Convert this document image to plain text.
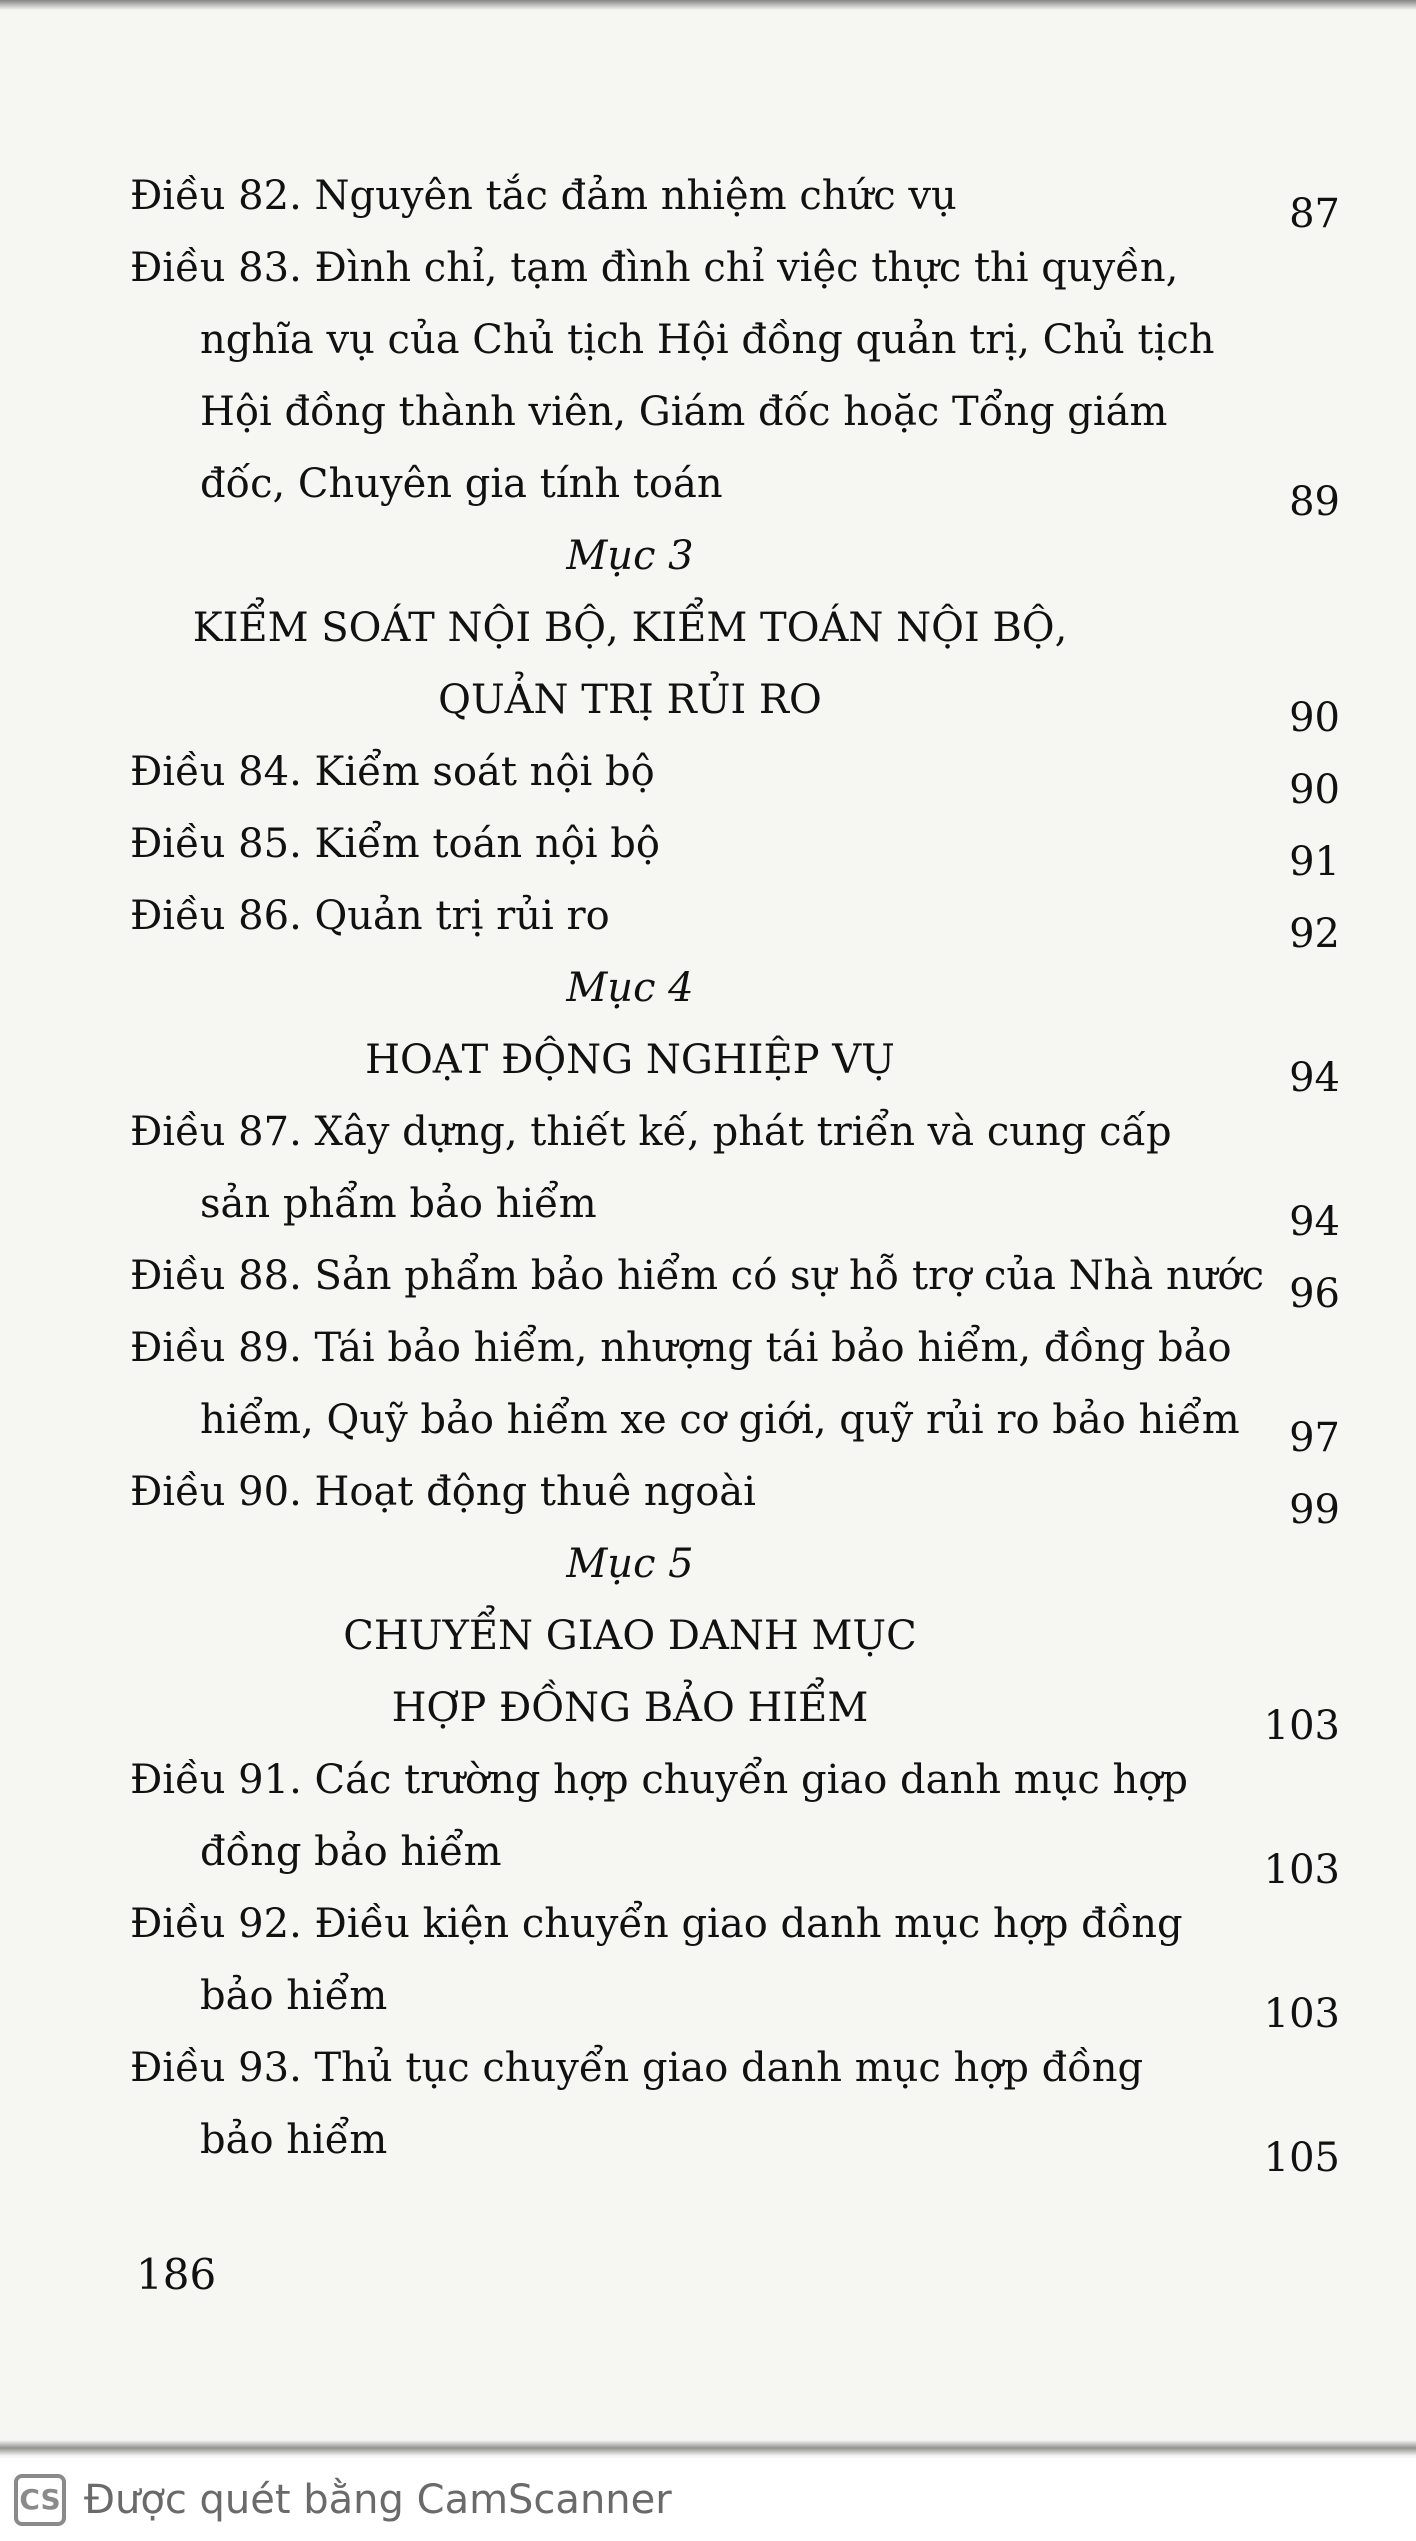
Điều 82. Nguyên tắc đảm nhiệm chức vụ	87
Điều 83. Đình chỉ, tạm đình chỉ việc thực thi quyền,
nghĩa vụ của Chủ tịch Hội đồng quản trị, Chủ tịch
Hội đồng thành viên, Giám đốc hoặc Tổng giám
đốc, Chuyên gia tính toán	89
Mục 3
KIỂM SOÁT NỘI BỘ, KIỂM TOÁN NỘI BỘ,
QUẢN TRỊ RỦI RO	90
Điều 84. Kiểm soát nội bộ	90
Điều 85. Kiểm toán nội bộ	91
Điều 86. Quản trị rủi ro	92
Mục 4
HOẠT ĐỘNG NGHIỆP VỤ	94
Điều 87. Xây dựng, thiết kế, phát triển và cung cấp
sản phẩm bảo hiểm	94
Điều 88. Sản phẩm bảo hiểm có sự hỗ trợ của Nhà nước 96
Điều 89. Tái bảo hiểm, nhượng tái bảo hiểm, đồng bảo
hiểm, Quỹ bảo hiểm xe cơ giới, quỹ rủi ro bảo hiểm 97
Điều 90. Hoạt động thuê ngoài	99
Mục 5
CHUYỂN GIAO DANH MỤC
HỢP ĐỒNG BẢO HIỂM	103
Điều 91. Các trường hợp chuyển giao danh mục hợp
đồng bảo hiểm	103
Điều 92. Điều kiện chuyển giao danh mục hợp đồng
bảo hiểm	103
Điều 93. Thủ tục chuyển giao danh mục hợp đồng
bảo hiểm	105
186
CS Được quét bằng CamScanner
